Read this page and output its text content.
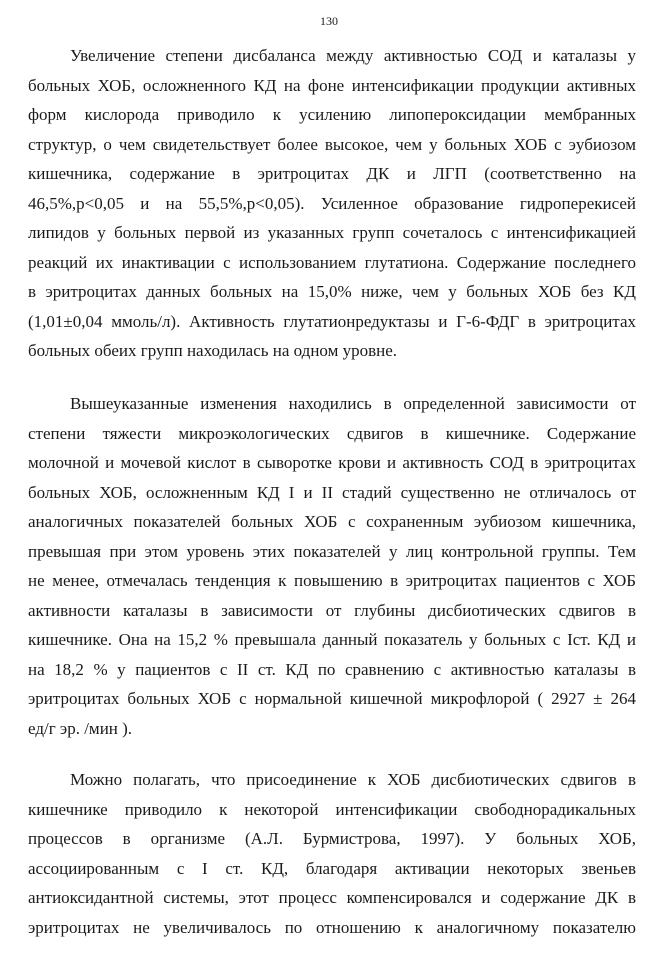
130
Увеличение степени дисбаланса между активностью СОД и каталазы у
больных ХОБ, осложненного КД на фоне интенсификации продукции активных
форм кислорода приводило к усилению липопероксидации мембранных
структур, о чем свидетельствует более высокое, чем у больных ХОБ с эубиозом
кишечника, содержание в эритроцитах ДК и ЛГП (соответственно на
46,5%,р<0,05 и на 55,5%,р<0,05). Усиленное образование гидроперекисей
липидов у больных первой из указанных групп сочеталось с интенсификацией
реакций их инактивации с использованием глутатиона. Содержание последнего
в эритроцитах данных больных на 15,0% ниже, чем у больных ХОБ без КД
(1,01±0,04 ммоль/л). Активность глутатионредуктазы и Г-6-ФДГ в эритроцитах
больных обеих групп находилась на одном уровне.
Вышеуказанные изменения находились в определенной зависимости от
степени тяжести микроэкологических сдвигов в кишечнике. Содержание
молочной и мочевой кислот в сыворотке крови и активность СОД в эритроцитах
больных ХОБ, осложненным КД I и II стадий существенно не отличалось от
аналогичных показателей больных ХОБ с сохраненным эубиозом кишечника,
превышая при этом уровень этих показателей у лиц контрольной группы. Тем
не менее, отмечалась тенденция к повышению в эритроцитах пациентов с ХОБ
активности каталазы в зависимости от глубины дисбиотических сдвигов в
кишечнике. Она на 15,2 % превышала данный показатель у больных с Iст. КД и
на 18,2 % у пациентов с II ст. КД по сравнению с активностью каталазы в
эритроцитах больных ХОБ с нормальной кишечной микрофлорой ( 2927 ± 264
ед/г эр. /мин ).
Можно полагать, что присоединение к ХОБ дисбиотических сдвигов в
кишечнике приводило к некоторой интенсификации свободнорадикальных
процессов в организме (А.Л. Бурмистрова, 1997). У больных ХОБ,
ассоциированным с I ст. КД, благодаря активации некоторых звеньев
антиоксидантной системы, этот процесс компенсировался и содержание ДК в
эритроцитах не увеличивалось по отношению к аналогичному показателю
